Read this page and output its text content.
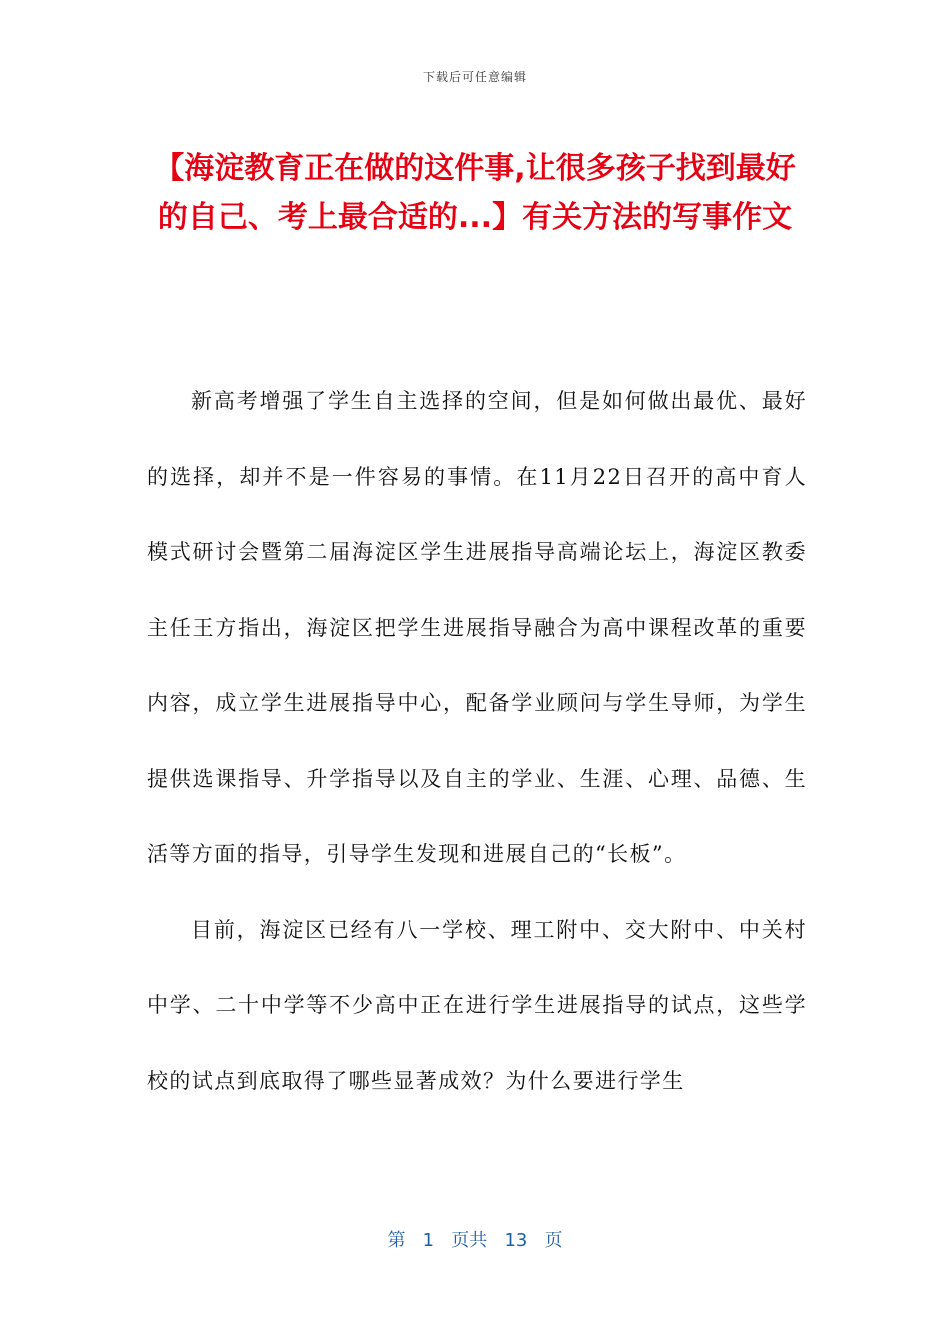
下载后可任意编辑
【海淀教育正在做的这件事,让很多孩子找到最好的自己、考上最合适的...】有关方法的写事作文

新高考增强了学生自主选择的空间，但是如何做出最优、最好的选择，却并不是一件容易的事情。在11月22日召开的高中育人模式研讨会暨第二届海淀区学生进展指导高端论坛上，海淀区教委主任王方指出，海淀区把学生进展指导融合为高中课程改革的重要内容，成立学生进展指导中心，配备学业顾问与学生导师，为学生提供选课指导、升学指导以及自主的学业、生涯、心理、品德、生活等方面的指导，引导学生发现和进展自己的“长板”。

目前，海淀区已经有八一学校、理工附中、交大附中、中关村中学、二十中学等不少高中正在进行学生进展指导的试点，这些学校的试点到底取得了哪些显著成效？为什么要进行学生

第 1 页共 13 页
